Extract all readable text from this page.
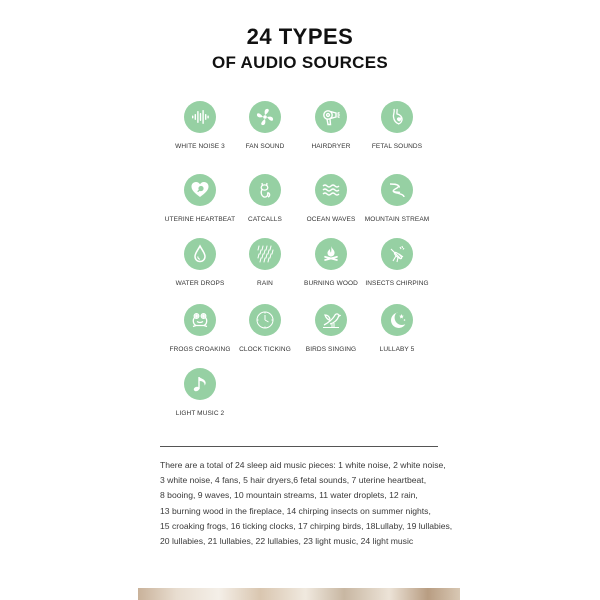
24 TYPES
OF AUDIO SOURCES
WHITE NOISE 3	FAN SOUND	HAIRDRYER	FETAL SOUNDS
UTERINE HEARTBEAT	CATCALLS	OCEAN WAVES	MOUNTAIN STREAM
WATER DROPS	RAIN	BURNING WOOD	INSECTS CHIRPING
FROGS CROAKING	CLOCK TICKING	BIRDS SINGING	LULLABY 5
LIGHT MUSIC 2
There are a total of 24 sleep aid music pieces: 1 white noise, 2 white noise,
3 white noise, 4 fans, 5 hair dryers,6 fetal sounds, 7 uterine heartbeat,
8 booing, 9 waves, 10 mountain streams, 11 water droplets, 12 rain,
13 burning wood in the fireplace, 14 chirping insects on summer nights,
15 croaking frogs, 16 ticking clocks, 17 chirping birds, 18Lullaby, 19 lullabies,
20 lullabies, 21 lullabies, 22 lullabies, 23 light music, 24 light music
